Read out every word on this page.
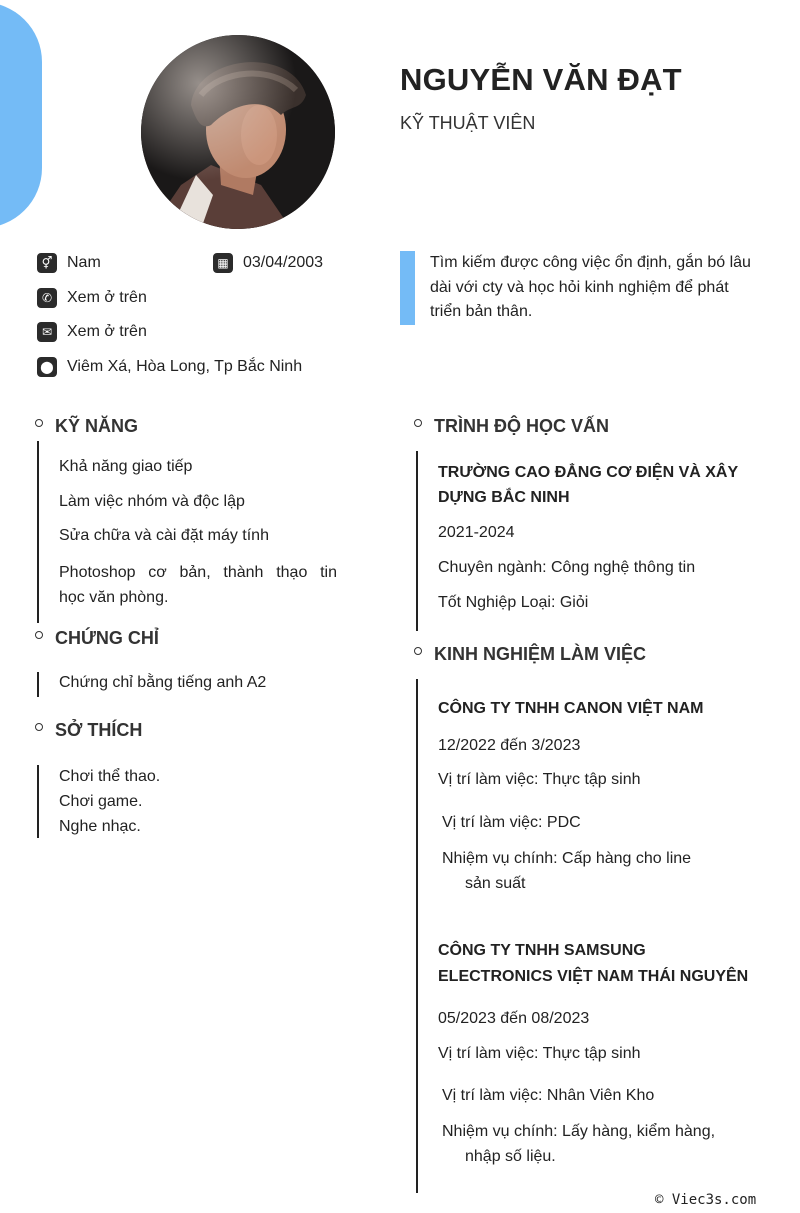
NGUYỄN VĂN ĐẠT
KỸ THUẬT VIÊN
⚥ Nam	▦ 03/04/2003
✆ Xem ở trên
✉ Xem ở trên
⬤ Viêm Xá, Hòa Long, Tp Bắc Ninh
Tìm kiếm được công việc ổn định, gắn bó lâu
dài với cty và học hỏi kinh nghiệm để phát
triển bản thân.
KỸ NĂNG
Khả năng giao tiếp
Làm việc nhóm và độc lập
Sửa chữa và cài đặt máy tính
Photoshop cơ bản, thành thạo tin
học văn phòng.
CHỨNG CHỈ
Chứng chỉ bằng tiếng anh A2
SỞ THÍCH
Chơi thể thao.
Chơi game.
Nghe nhạc.
TRÌNH ĐỘ HỌC VẤN
TRƯỜNG CAO ĐẲNG CƠ ĐIỆN VÀ XÂY
DỰNG BẮC NINH
2021-2024
Chuyên ngành: Công nghệ thông tin
Tốt Nghiệp Loại: Giỏi
KINH NGHIỆM LÀM VIỆC
CÔNG TY TNHH CANON VIỆT NAM
12/2022 đến 3/2023
Vị trí làm việc: Thực tập sinh
Vị trí làm việc: PDC
Nhiệm vụ chính: Cấp hàng cho line
sản suất
CÔNG TY TNHH SAMSUNG
ELECTRONICS VIỆT NAM THÁI NGUYÊN
05/2023 đến 08/2023
Vị trí làm việc: Thực tập sinh
Vị trí làm việc: Nhân Viên Kho
Nhiệm vụ chính: Lấy hàng, kiểm hàng,
nhập số liệu.
© Viec3s.com
